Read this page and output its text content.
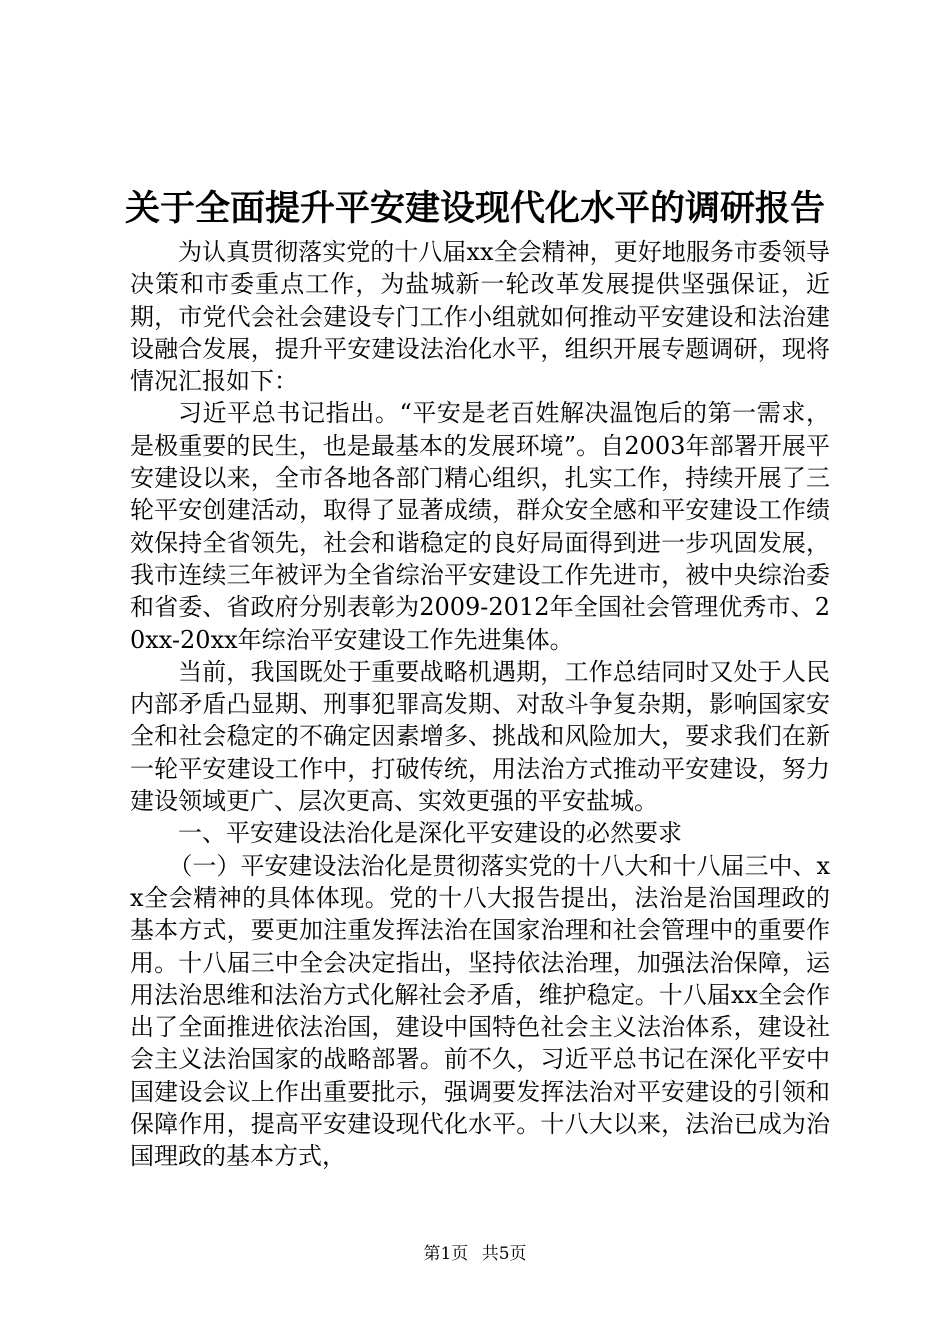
关于全面提升平安建设现代化水平的调研报告

为认真贯彻落实党的十八届xx全会精神，更好地服务市委领导决策和市委重点工作，为盐城新一轮改革发展提供坚强保证，近期，市党代会社会建设专门工作小组就如何推动平安建设和法治建设融合发展，提升平安建设法治化水平，组织开展专题调研，现将情况汇报如下：

习近平总书记指出。“平安是老百姓解决温饱后的第一需求，是极重要的民生，也是最基本的发展环境”。自2003年部署开展平安建设以来，全市各地各部门精心组织，扎实工作，持续开展了三轮平安创建活动，取得了显著成绩，群众安全感和平安建设工作绩效保持全省领先，社会和谐稳定的良好局面得到进一步巩固发展，我市连续三年被评为全省综治平安建设工作先进市，被中央综治委和省委、省政府分别表彰为2009-2012年全国社会管理优秀市、20xx-20xx年综治平安建设工作先进集体。

当前，我国既处于重要战略机遇期，工作总结同时又处于人民内部矛盾凸显期、刑事犯罪高发期、对敌斗争复杂期，影响国家安全和社会稳定的不确定因素增多、挑战和风险加大，要求我们在新一轮平安建设工作中，打破传统，用法治方式推动平安建设，努力建设领域更广、层次更高、实效更强的平安盐城。

一、平安建设法治化是深化平安建设的必然要求

（一）平安建设法治化是贯彻落实党的十八大和十八届三中、xx全会精神的具体体现。党的十八大报告提出，法治是治国理政的基本方式，要更加注重发挥法治在国家治理和社会管理中的重要作用。十八届三中全会决定指出，坚持依法治理，加强法治保障，运用法治思维和法治方式化解社会矛盾，维护稳定。十八届xx全会作出了全面推进依法治国，建设中国特色社会主义法治体系，建设社会主义法治国家的战略部署。前不久，习近平总书记在深化平安中国建设会议上作出重要批示，强调要发挥法治对平安建设的引领和保障作用，提高平安建设现代化水平。十八大以来，法治已成为治国理政的基本方式，

第1页 共5页
